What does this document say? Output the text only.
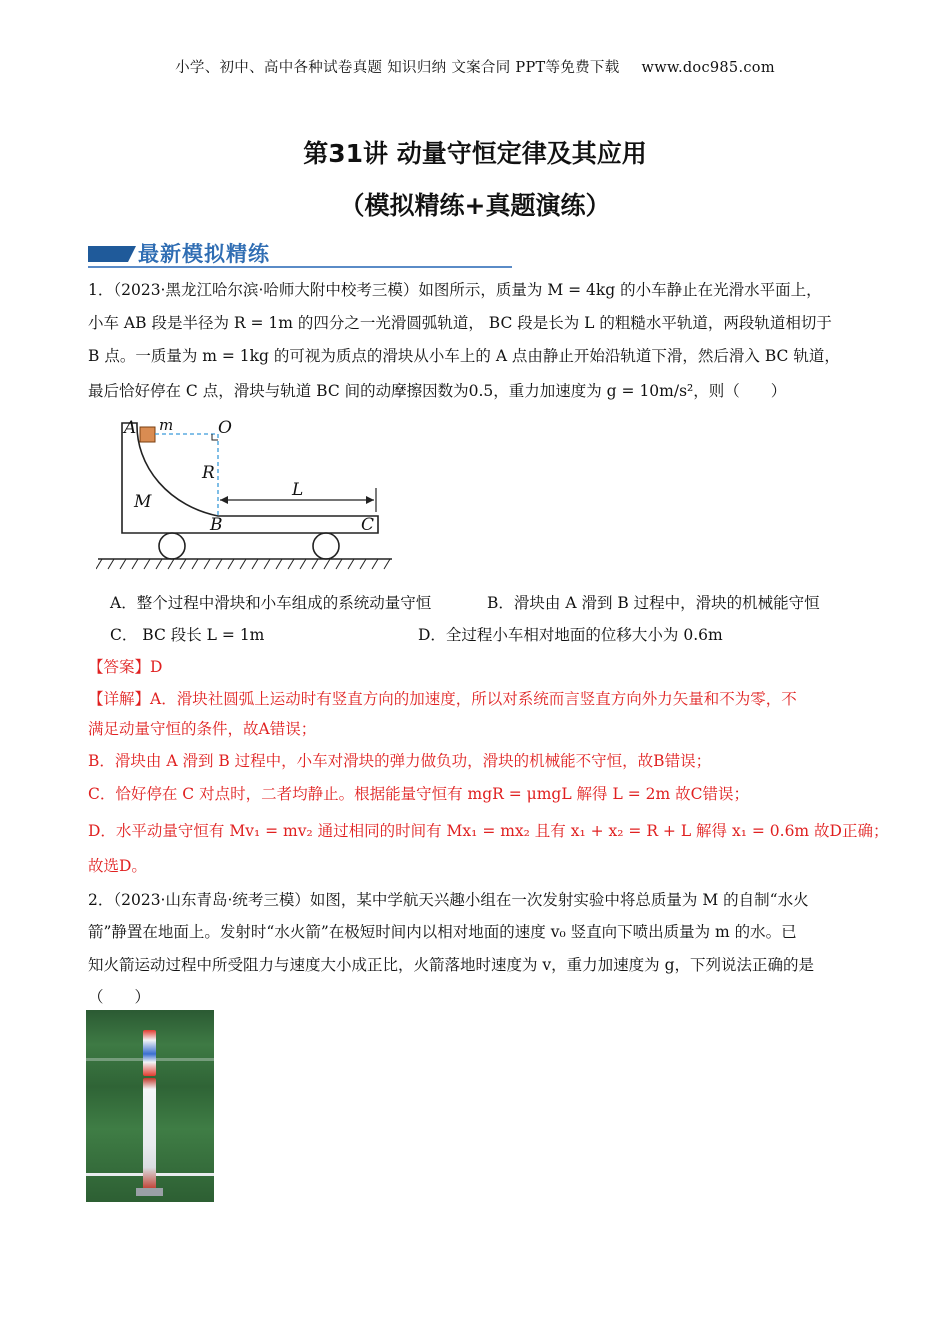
小学、初中、高中各种试卷真题 知识归纳 文案合同 PPT等免费下载 www.doc985.com
第31讲 动量守恒定律及其应用
（模拟精练+真题演练）
最新模拟精练
1．（2023·黑龙江哈尔滨·哈师大附中校考三模）如图所示，质量为 M = 4kg 的小车静止在光滑水平面上，
小车 AB 段是半径为 R = 1m 的四分之一光滑圆弧轨道， BC 段是长为 L 的粗糙水平轨道，两段轨道相切于
B 点。一质量为 m = 1kg 的可视为质点的滑块从小车上的 A 点由静止开始沿轨道下滑，然后滑入 BC 轨道，
最后恰好停在 C 点，滑块与轨道 BC 间的动摩擦因数为0.5，重力加速度为 g = 10m/s²，则（　　）
A m	O
R
M
L
B	C
A．整个过程中滑块和小车组成的系统动量守恒	B．滑块由 A 滑到 B 过程中，滑块的机械能守恒
C． BC 段长 L = 1m	D．全过程小车相对地面的位移大小为 0.6m
【答案】D
【详解】A．滑块社圆弧上运动时有竖直方向的加速度，所以对系统而言竖直方向外力矢量和不为零，不
满足动量守恒的条件，故A错误；
B．滑块由 A 滑到 B 过程中，小车对滑块的弹力做负功，滑块的机械能不守恒，故B错误；
C．恰好停在 C 对点时，二者均静止。根据能量守恒有 mgR = μmgL 解得 L = 2m 故C错误；
D．水平动量守恒有 Mv₁ = mv₂ 通过相同的时间有 Mx₁ = mx₂ 且有 x₁ + x₂ = R + L 解得 x₁ = 0.6m 故D正确；
故选D。
2．（2023·山东青岛·统考三模）如图，某中学航天兴趣小组在一次发射实验中将总质量为 M 的自制“水火
箭”静置在地面上。发射时“水火箭”在极短时间内以相对地面的速度 v₀ 竖直向下喷出质量为 m 的水。已
知火箭运动过程中所受阻力与速度大小成正比，火箭落地时速度为 v，重力加速度为 g，下列说法正确的是
（　　）
